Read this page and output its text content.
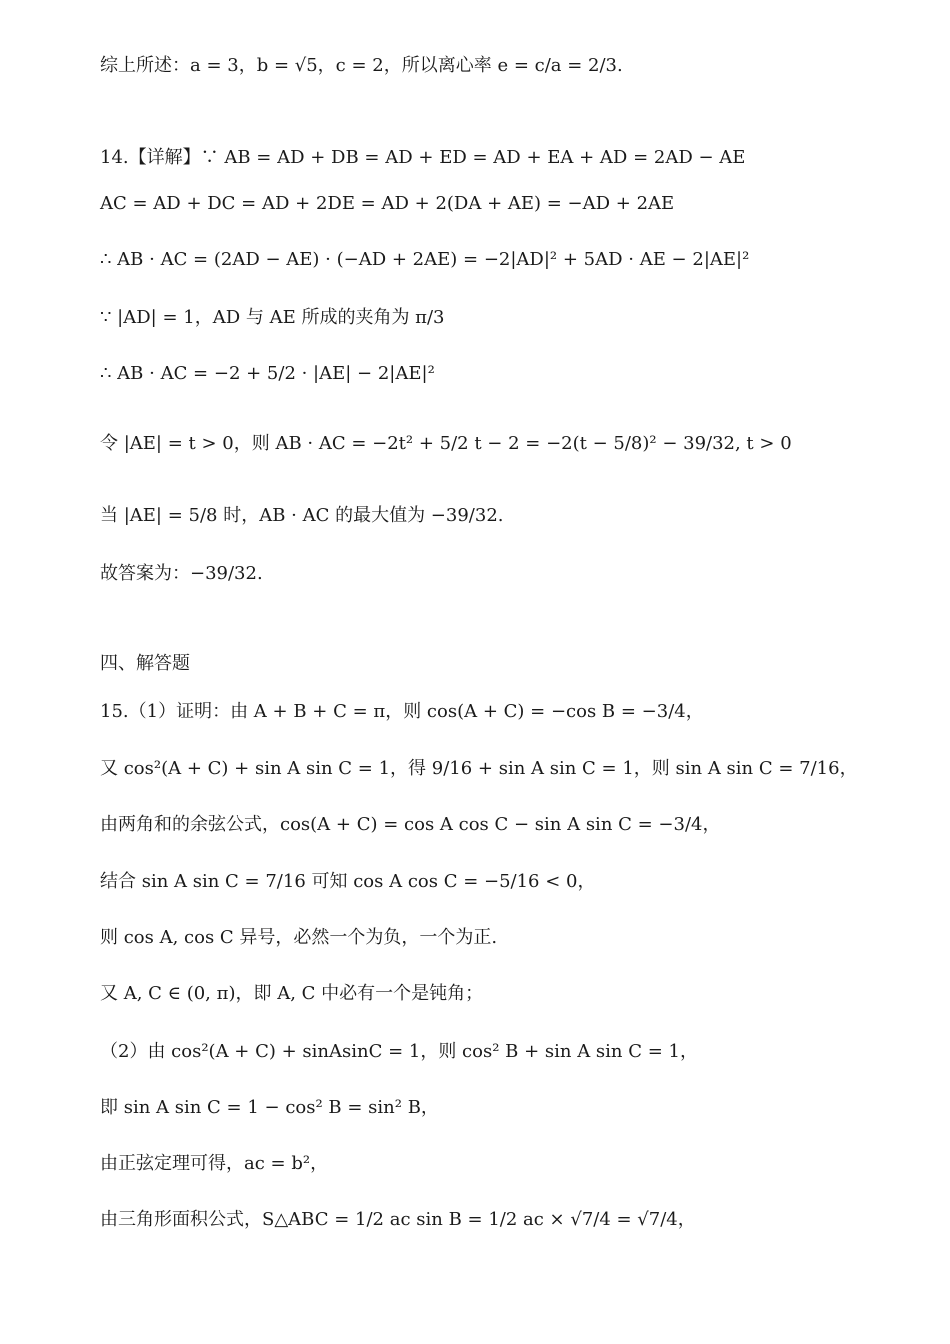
综上所述：a = 3，b = √5，c = 2，所以离心率 e = c/a = 2/3.
14.【详解】∵ AB = AD + DB = AD + ED = AD + EA + AD = 2AD − AE
AC = AD + DC = AD + 2DE = AD + 2(DA + AE) = −AD + 2AE
∴ AB · AC = (2AD − AE) · (−AD + 2AE) = −2|AD|² + 5AD · AE − 2|AE|²
∵ |AD| = 1，AD 与 AE 所成的夹角为 π/3
∴ AB · AC = −2 + 5/2 · |AE| − 2|AE|²
令 |AE| = t > 0，则 AB · AC = −2t² + 5/2 t − 2 = −2(t − 5/8)² − 39/32, t > 0
当 |AE| = 5/8 时，AB · AC 的最大值为 −39/32.
故答案为：−39/32.
四、解答题
15.（1）证明：由 A + B + C = π，则 cos(A + C) = −cos B = −3/4，
又 cos²(A + C) + sin A sin C = 1，得 9/16 + sin A sin C = 1，则 sin A sin C = 7/16，
由两角和的余弦公式，cos(A + C) = cos A cos C − sin A sin C = −3/4，
结合 sin A sin C = 7/16 可知 cos A cos C = −5/16 < 0，
则 cos A, cos C 异号，必然一个为负，一个为正.
又 A, C ∈ (0, π)，即 A, C 中必有一个是钝角；
（2）由 cos²(A + C) + sinAsinC = 1，则 cos² B + sin A sin C = 1，
即 sin A sin C = 1 − cos² B = sin² B，
由正弦定理可得，ac = b²，
由三角形面积公式，S△ABC = 1/2 ac sin B = 1/2 ac × √7/4 = √7/4，
